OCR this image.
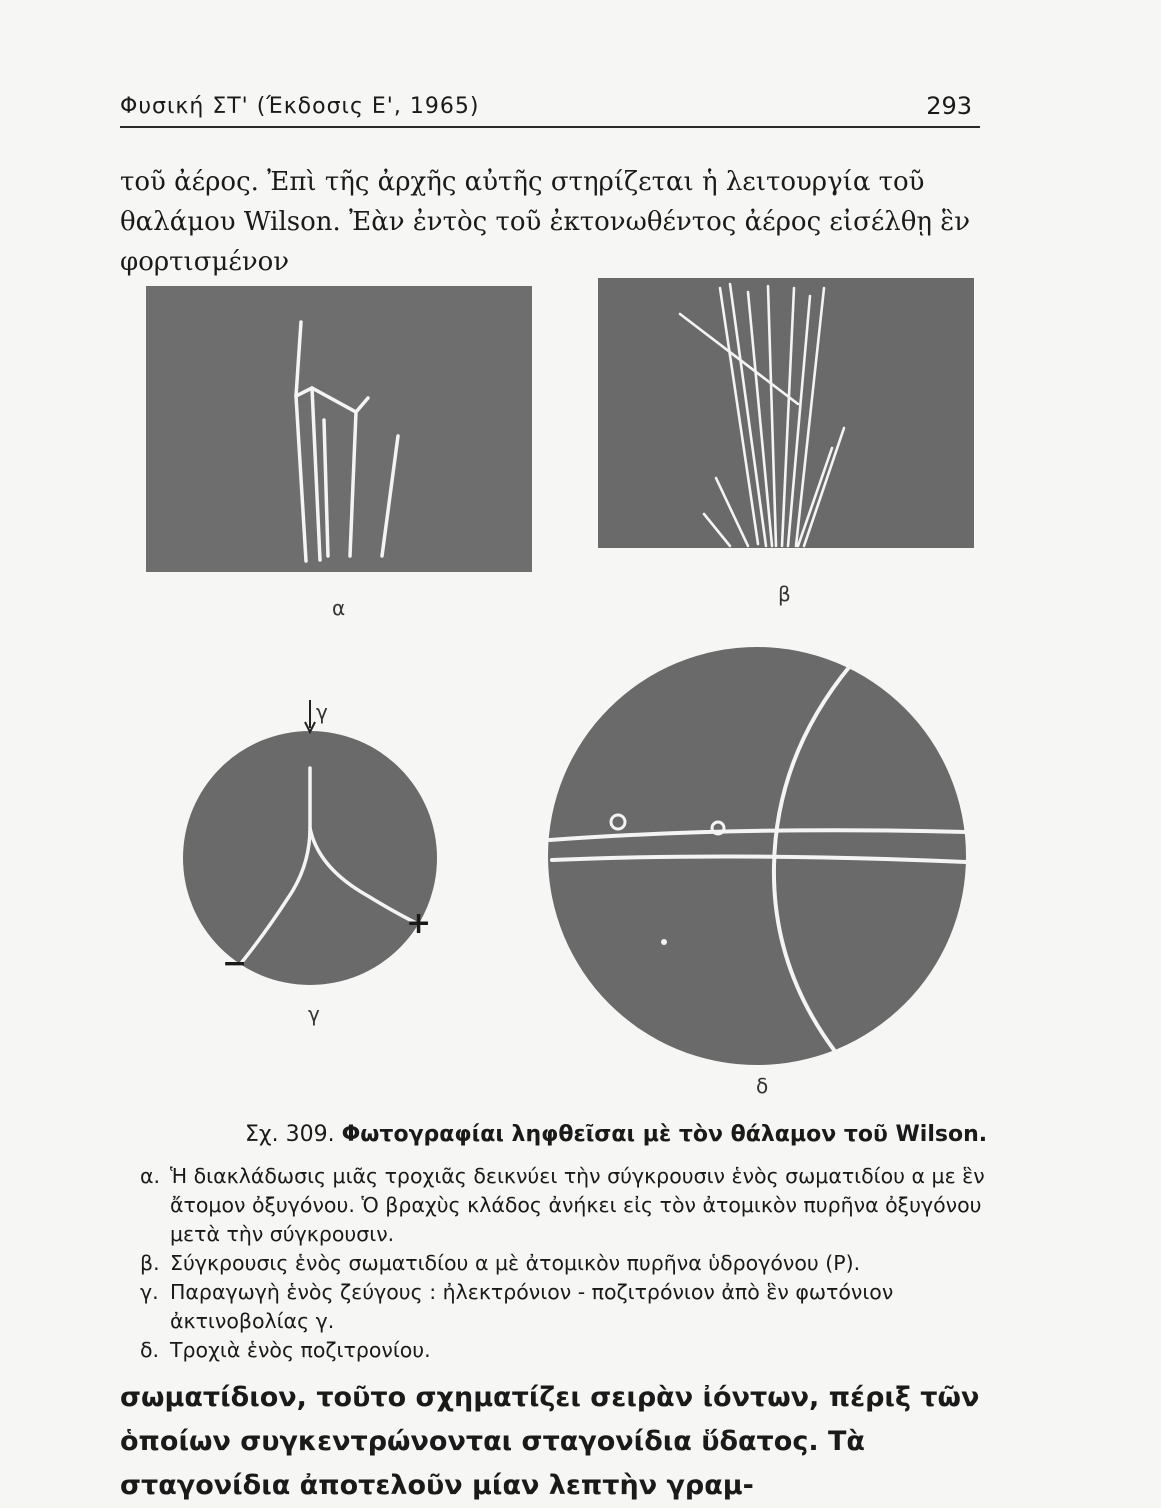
Φυσική ΣΤ' (Έκδοσις Ε', 1965)	293

τοῦ ἀέρος. Ἐπὶ τῆς ἀρχῆς αὐτῆς στηρίζεται ἡ λειτουργία τοῦ θαλάμου Wilson. Ἐὰν ἐντὸς τοῦ ἐκτονωθέντος ἀέρος εἰσέλθῃ ἓν φορτισμένον

α
β
γ
+
−
γ
δ
Σχ. 309. Φωτογραφίαι ληφθεῖσαι μὲ τὸν θάλαμον τοῦ Wilson.
α. Ἡ διακλάδωσις μιᾶς τροχιᾶς δεικνύει τὴν σύγκρουσιν ἑνὸς σωματιδίου α με ἓν ἄτομον ὀξυγόνου. Ὁ βραχὺς κλάδος ἀνήκει εἰς τὸν ἀτομικὸν πυρῆνα ὀξυγόνου μετὰ τὴν σύγκρουσιν.
β. Σύγκρουσις ἑνὸς σωματιδίου α μὲ ἀτομικὸν πυρῆνα ὑδρογόνου (P).
γ. Παραγωγὴ ἑνὸς ζεύγους : ἠλεκτρόνιον - ποζιτρόνιον ἀπὸ ἓν φωτόνιον ἀκτινοβολίας γ.
δ. Τροχιὰ ἑνὸς ποζιτρονίου.

σωματίδιον, τοῦτο σχηματίζει σειρὰν ἰόντων, πέριξ τῶν ὁποίων συγκεντρώνονται σταγονίδια ὕδατος. Τὰ σταγονίδια ἀποτελοῦν μίαν λεπτὴν γραμ-
